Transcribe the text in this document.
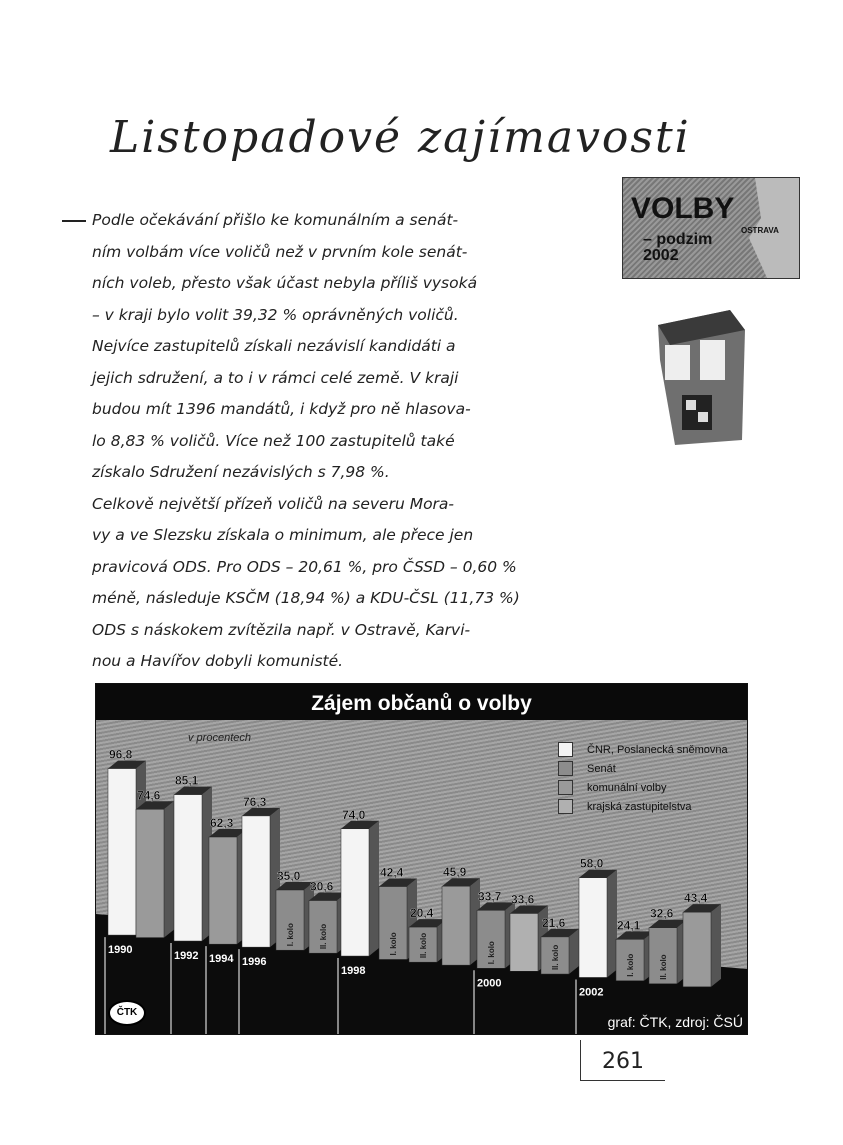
Listopadové zajímavosti
Podle očekávání přišlo ke komunálním a senát-
ním volbám více voličů než v prvním kole senát-
ních voleb, přesto však účast nebyla příliš vysoká
– v kraji bylo volit 39,32 % oprávněných voličů.
Nejvíce zastupitelů získali nezávislí kandidáti a
jejich sdružení, a to i v rámci celé země. V kraji
budou mít 1396 mandátů, i když pro ně hlasova-
lo 8,83 % voličů. Více než 100 zastupitelů také
získalo Sdružení nezávislých s 7,98 %.
Celkově největší přízeň voličů na severu Mora-
vy a ve Slezsku získala o minimum, ale přece jen
pravicová ODS. Pro ODS – 20,61 %, pro ČSSD – 0,60 %
méně, následuje KSČM (18,94 %) a KDU-ČSL (11,73 %)
ODS s náskokem zvítězila např. v Ostravě, Karvi-
nou a Havířov dobyli komunisté.
VOLBY
OSTRAVA
– podzim
2002
Zájem občanů o volby
I. kolo	II. kolo	I. kolo	II. kolo	I. kolo	II. kolo	I. kolo	II. kolo
96,8
74,6
85,1
62,3
76,3
35,0
30,6
74,0
42,4
20,4
45,9
33,7 33,6
21,6
58,0
24,1
32,6
43,4
1990	1992 1994 1996
1998
2000
2002
v procentech
ČNR, Poslanecká sněmovna
Senát
komunální volby
krajská zastupitelstva
ČTK
graf: ČTK, zdroj: ČSÚ
261
